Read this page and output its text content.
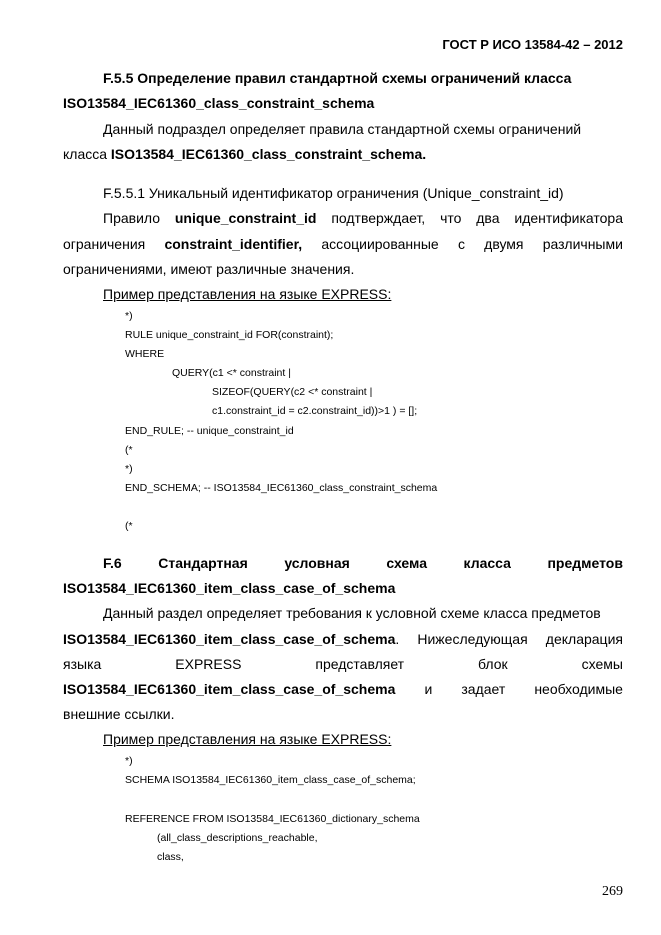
ГОСТ Р ИСО 13584-42 – 2012
F.5.5 Определение правил стандартной схемы ограничений класса
ISO13584_IEC61360_class_constraint_schema
Данный подраздел определяет правила стандартной схемы ограничений
класса ISO13584_IEC61360_class_constraint_schema.
F.5.5.1 Уникальный идентификатор ограничения (Unique_constraint_id)
Правило unique_constraint_id подтверждает, что два идентификатора
ограничения constraint_identifier, ассоциированные с двумя различными
ограничениями, имеют различные значения.
Пример представления на языке EXPRESS:
*)
RULE unique_constraint_id FOR(constraint);
WHERE
QUERY(c1 <* constraint |
SIZEOF(QUERY(c2 <* constraint |
c1.constraint_id = c2.constraint_id))>1 ) = [];
END_RULE; -- unique_constraint_id
(*
*)
END_SCHEMA; -- ISO13584_IEC61360_class_constraint_schema
(*
F.6	Стандартная	условная	схема	класса	предметов
ISO13584_IEC61360_item_class_case_of_schema
Данный раздел определяет требования к условной схеме класса предметов
ISO13584_IEC61360_item_class_case_of_schema. Нижеследующая декларация
языка	EXPRESS	представляет	блок	схемы
ISO13584_IEC61360_item_class_case_of_schema и задает необходимые
внешние ссылки.
Пример представления на языке EXPRESS:
*)
SCHEMA ISO13584_IEC61360_item_class_case_of_schema;
REFERENCE FROM ISO13584_IEC61360_dictionary_schema
(all_class_descriptions_reachable,
class,
269
